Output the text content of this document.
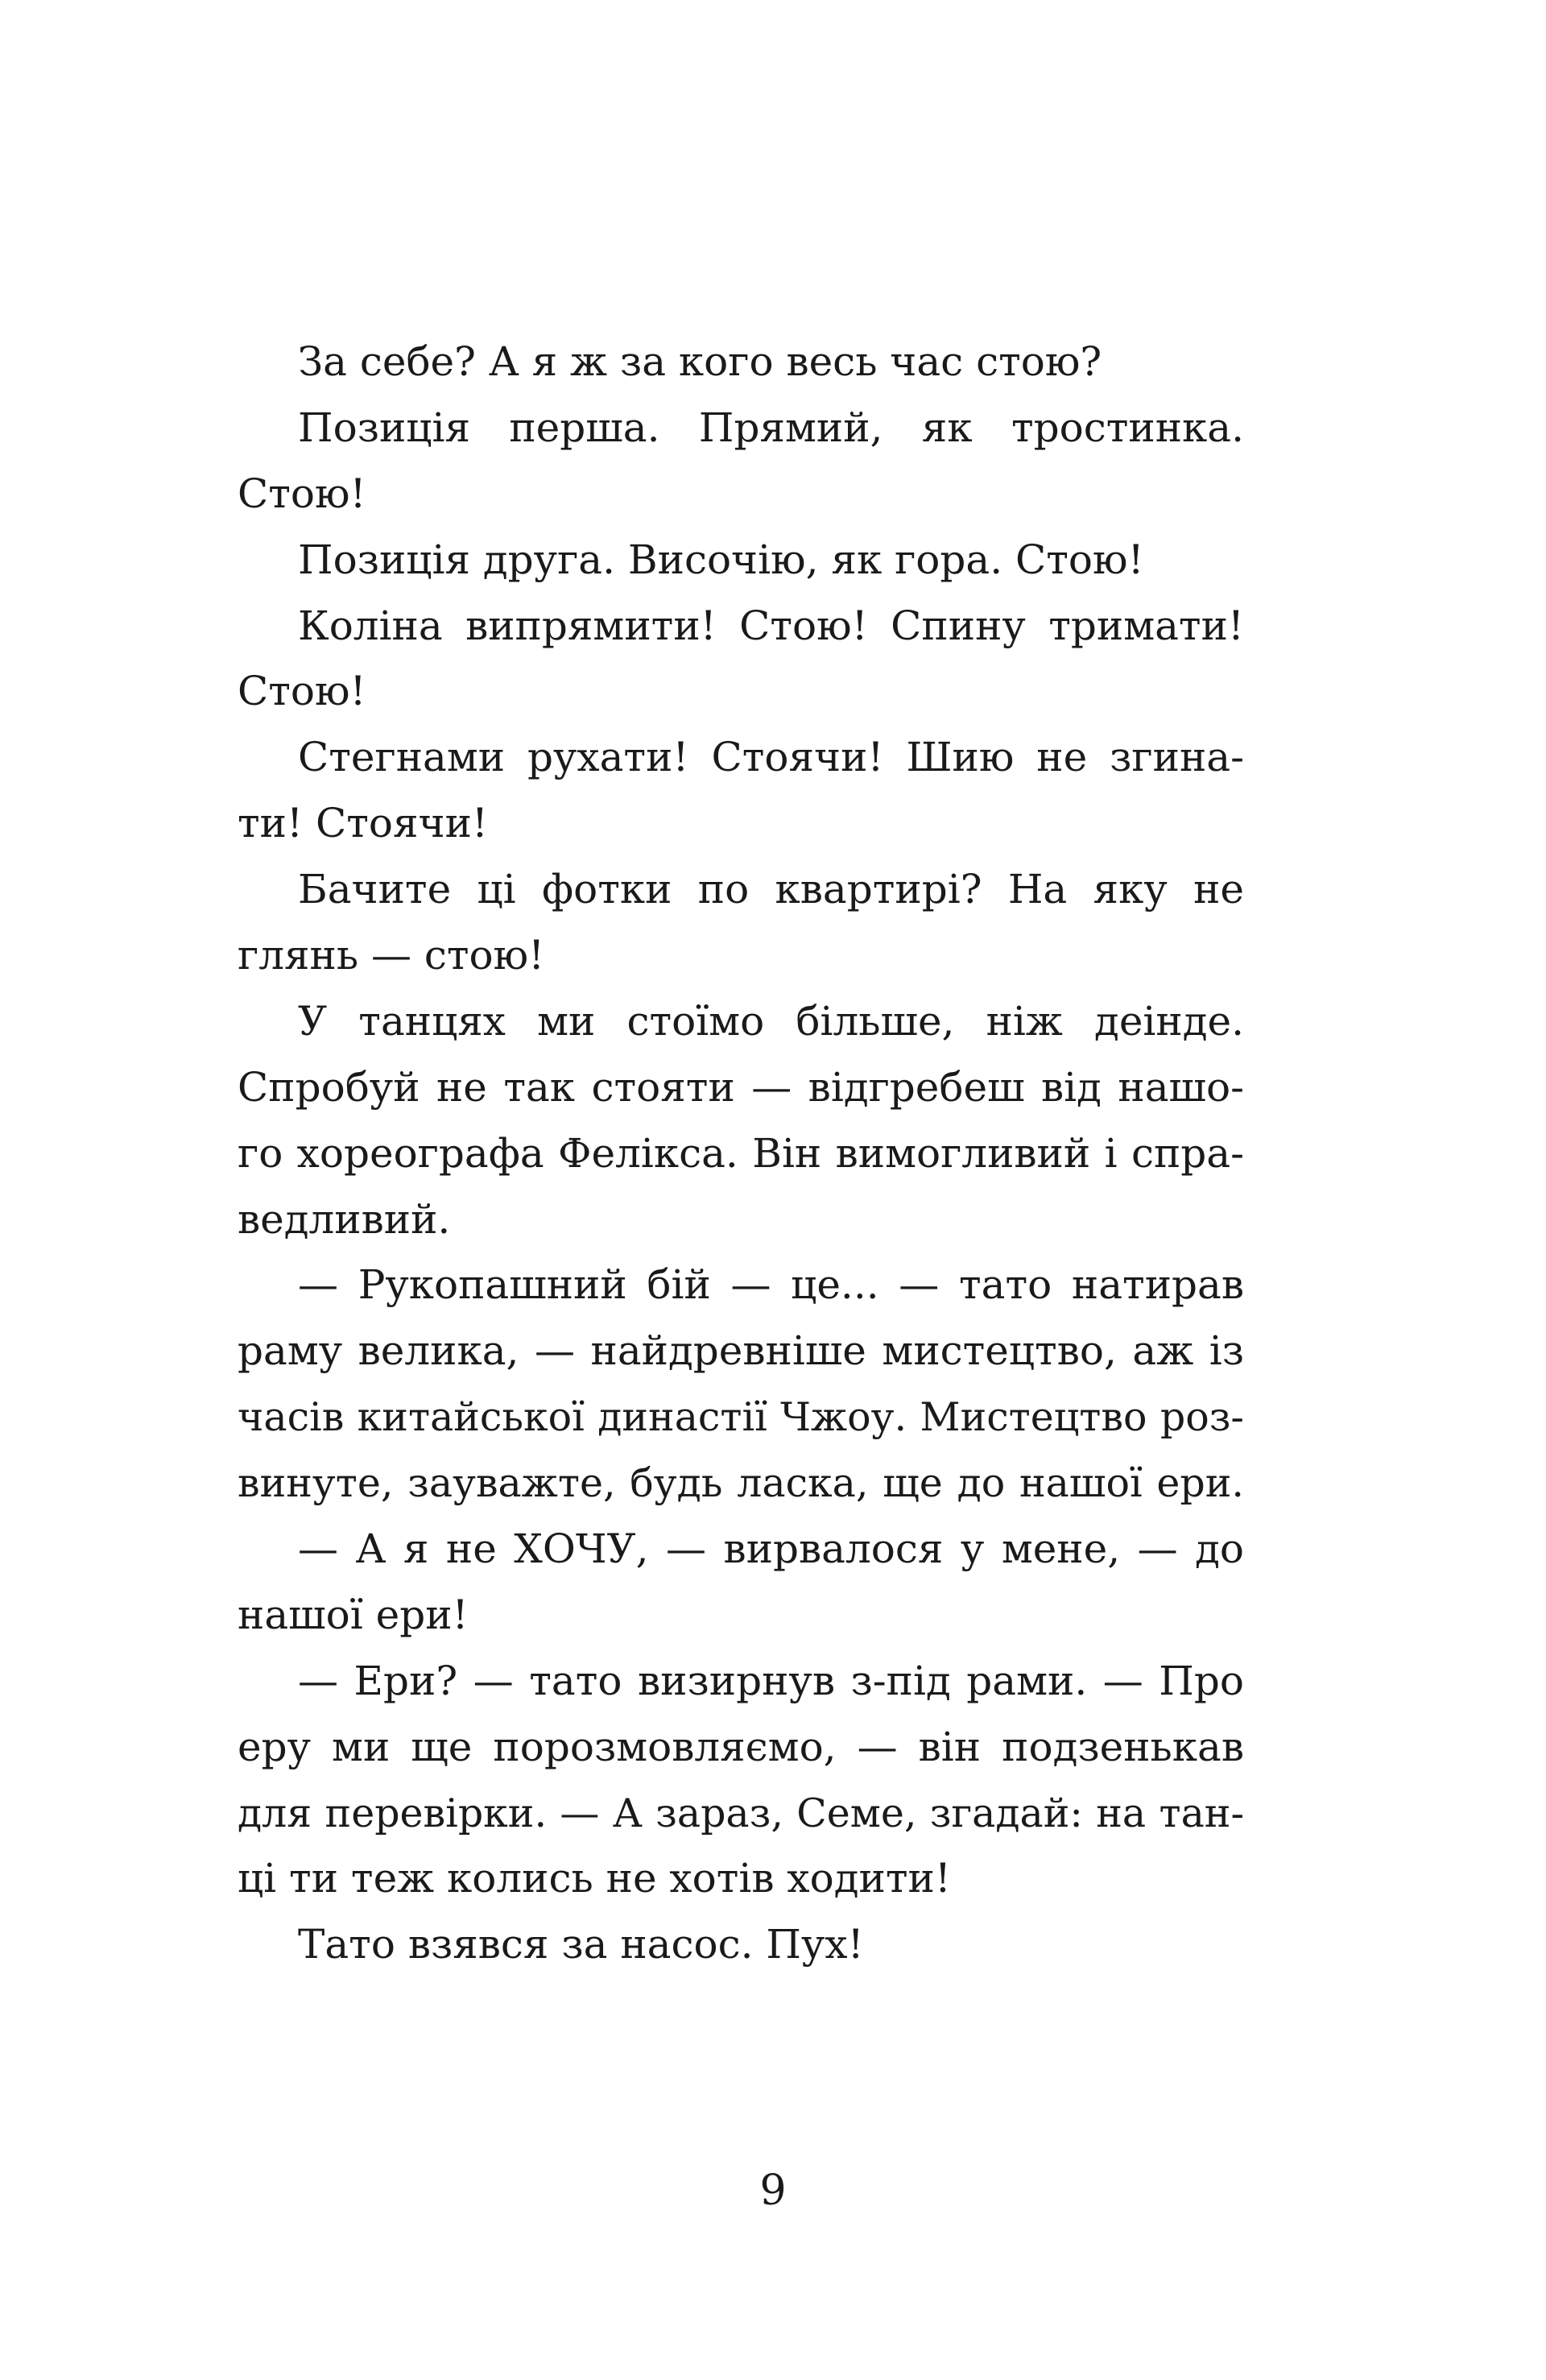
За себе? А я ж за кого весь час стою?
Позиція перша. Прямий, як тростинка.
Стою!
Позиція друга. Височію, як гора. Стою!
Коліна випрямити! Стою! Спину тримати!
Стою!
Стегнами рухати! Стоячи! Шию не згина-
ти! Стоячи!
Бачите ці фотки по квартирі? На яку не
глянь — стою!
У танцях ми стоїмо більше, ніж деінде.
Спробуй не так стояти — відгребеш від нашо-
го хореографа Фелікса. Він вимогливий і спра-
ведливий.
— Рукопашний бій — це... — тато натирав
раму велика, — найдревніше мистецтво, аж із
часів китайської династії Чжоу. Мистецтво роз-
винуте, зауважте, будь ласка, ще до нашої ери.
— А я не ХОЧУ, — вирвалося у мене, — до
нашої ери!
— Ери? — тато визирнув з-під рами. — Про
еру ми ще порозмовляємо, — він подзенькав
для перевірки. — А зараз, Семе, згадай: на тан-
ці ти теж колись не хотів ходити!
Тато взявся за насос. Пух!
9
